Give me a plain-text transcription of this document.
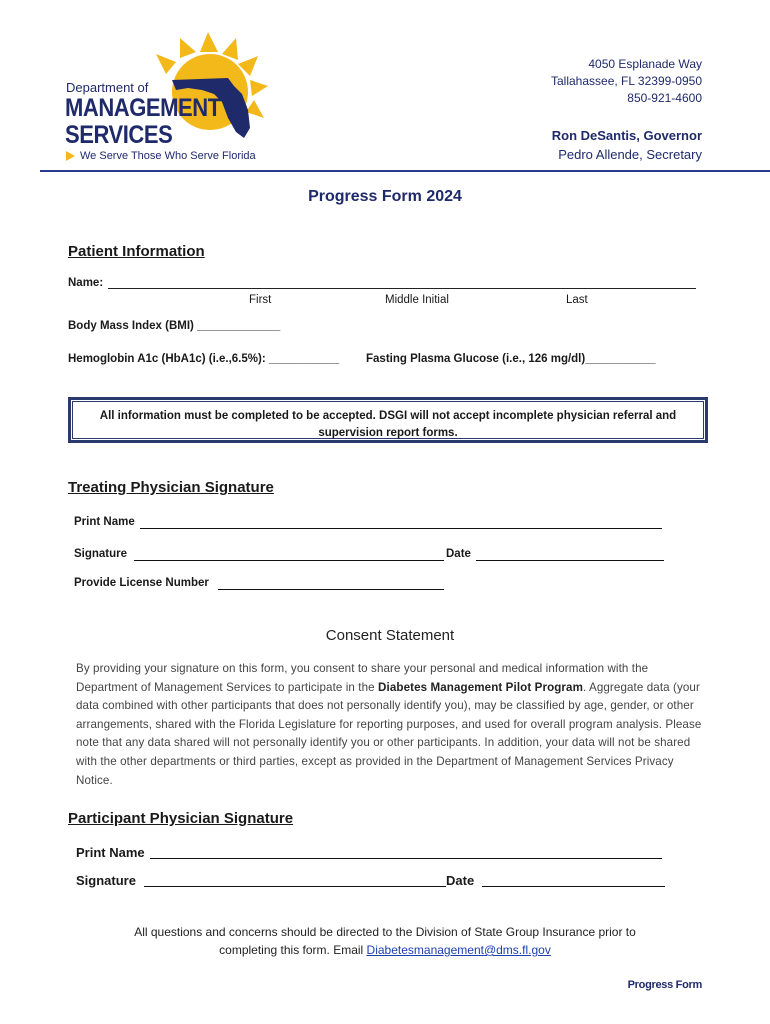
Department of
MANAGEMENT
SERVICES
We Serve Those Who Serve Florida
4050 Esplanade Way
Tallahassee, FL 32399-0950
850-921-4600
Ron DeSantis, Governor
Pedro Allende, Secretary
Progress Form 2024
Patient Information
Name:
First	Middle Initial	Last
Body Mass Index (BMI) _____________
Hemoglobin A1c (HbA1c) (i.e.,6.5%): ___________ Fasting Plasma Glucose (i.e., 126 mg/dl)___________
All information must be completed to be accepted. DSGI will not accept incomplete physician referral and
supervision report forms.
Treating Physician Signature
Print Name
Signature	Date
Provide License Number
Consent Statement
By providing your signature on this form, you consent to share your personal and medical information with the Department of Management Services to participate in the Diabetes Management Pilot Program. Aggregate data (your data combined with other participants that does not personally identify you), may be classified by age, gender, or other arrangements, shared with the Florida Legislature for reporting purposes, and used for overall program analysis. Please note that any data shared will not personally identify you or other participants. In addition, your data will not be shared with the other departments or third parties, except as provided in the Department of Management Services Privacy Notice.
Participant Physician Signature
Print Name
Signature	Date
All questions and concerns should be directed to the Division of State Group Insurance prior to
completing this form. Email Diabetesmanagement@dms.fl.gov
Progress Form
